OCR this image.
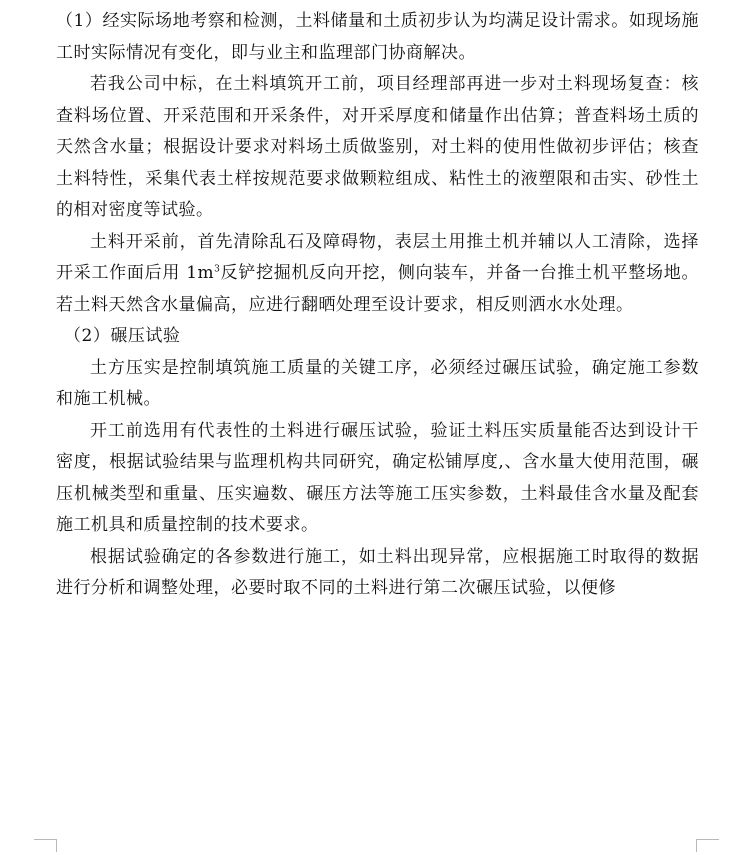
（1）经实际场地考察和检测，土料储量和土质初步认为均满足设计需求。如现场施工时实际情况有变化，即与业主和监理部门协商解决。

若我公司中标，在土料填筑开工前，项目经理部再进一步对土料现场复查：核查料场位置、开采范围和开采条件，对开采厚度和储量作出估算；普查料场土质的天然含水量；根据设计要求对料场土质做鉴别，对土料的使用性做初步评估；核查土料特性，采集代表土样按规范要求做颗粒组成、粘性土的液塑限和击实、砂性土的相对密度等试验。

土料开采前，首先清除乱石及障碍物，表层土用推土机并辅以人工清除，选择开采工作面后用 $1m^3$反铲挖掘机反向开挖，侧向装车，并备一台推土机平整场地。若土料天然含水量偏高，应进行翻晒处理至设计要求，相反则洒水水处理。

（2）碾压试验

土方压实是控制填筑施工质量的关键工序，必须经过碾压试验，确定施工参数和施工机械。

开工前选用有代表性的土料进行碾压试验，验证土料压实质量能否达到设计干密度，根据试验结果与监理机构共同研究，确定松铺厚度,、含水量大使用范围，碾压机械类型和重量、压实遍数、碾压方法等施工压实参数，土料最佳含水量及配套施工机具和质量控制的技术要求。

根据试验确定的各参数进行施工，如土料出现异常，应根据施工时取得的数据进行分析和调整处理，必要时取不同的土料进行第二次碾压试验，以便修
